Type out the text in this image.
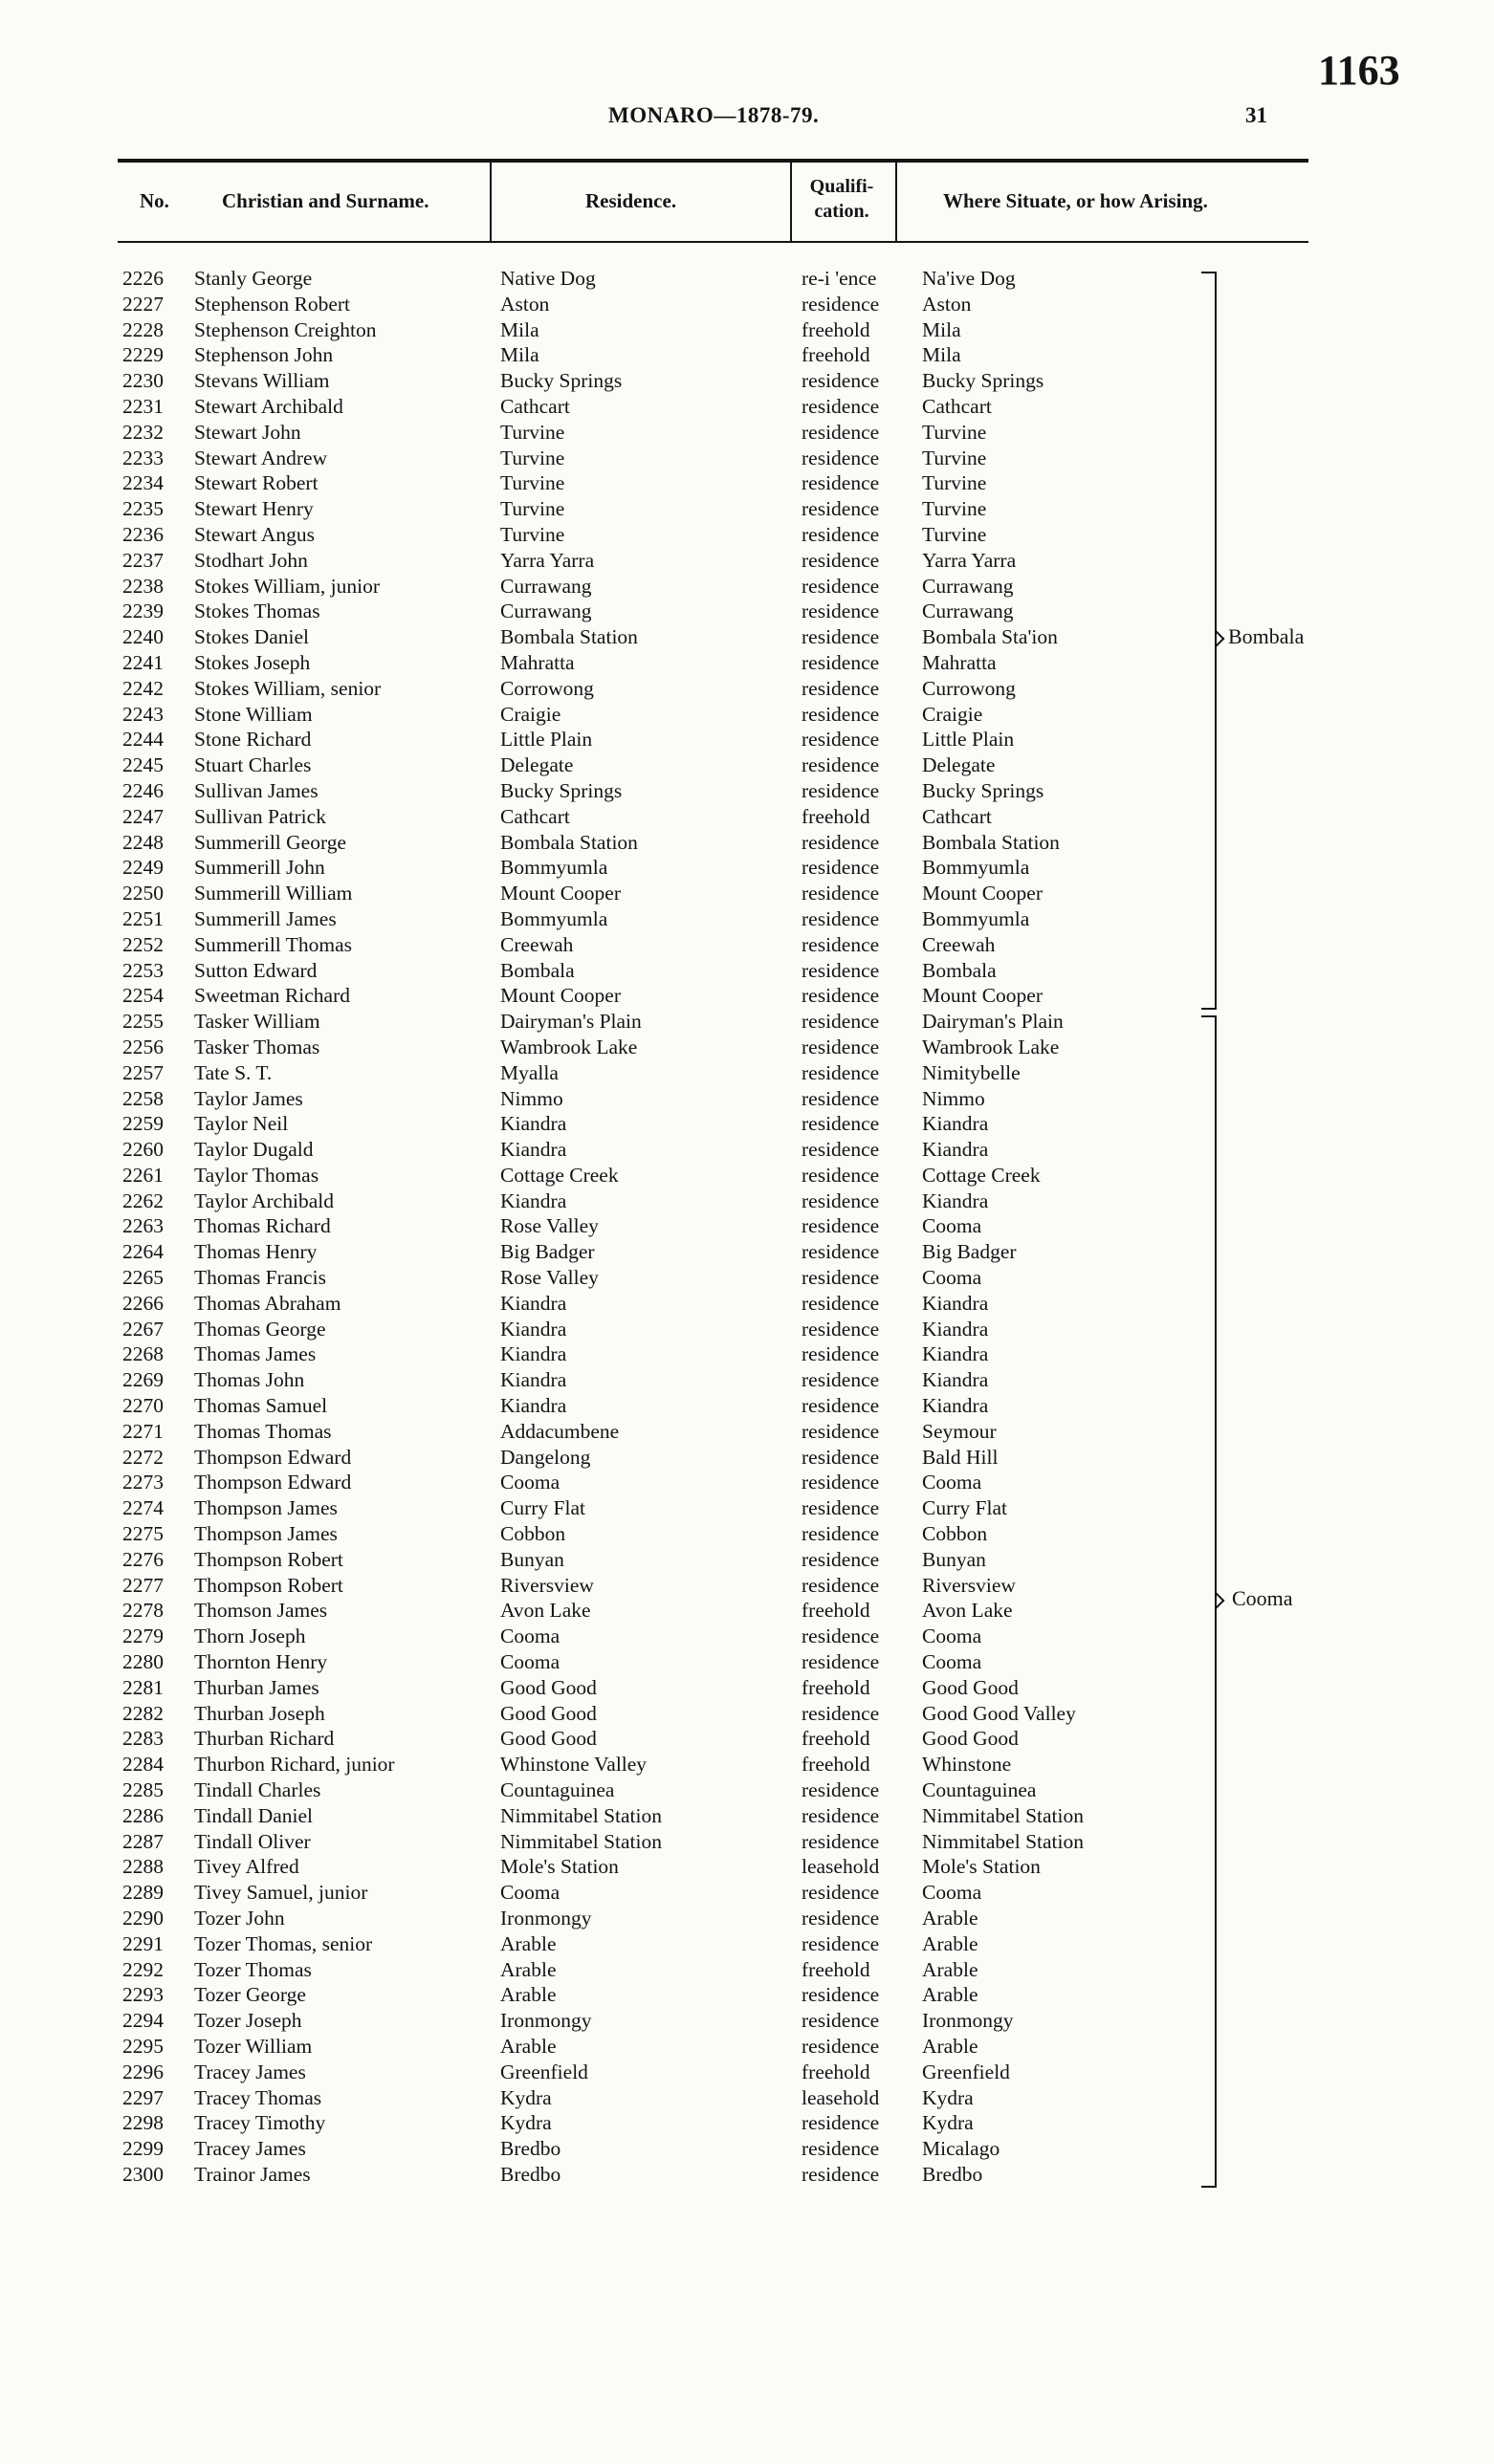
1163
MONARO—1878-79.	31
No.	Christian and Surname.	Residence.
Qualifi-
cation.	Where Situate, or how Arising.
2226 Stanly George	Native Dog	re-i 'ence Na'ive Dog
2227 Stephenson Robert	Aston	residence Aston
2228 Stephenson Creighton	Mila	freehold	Mila
2229 Stephenson John	Mila	freehold	Mila
2230 Stevans William	Bucky Springs	residence Bucky Springs
2231 Stewart Archibald	Cathcart	residence Cathcart
2232 Stewart John	Turvine	residence Turvine
2233 Stewart Andrew	Turvine	residence Turvine
2234 Stewart Robert	Turvine	residence Turvine
2235 Stewart Henry	Turvine	residence Turvine
2236 Stewart Angus	Turvine	residence Turvine
2237 Stodhart John	Yarra Yarra	residence Yarra Yarra
2238 Stokes William, junior	Currawang	residence Currawang
2239 Stokes Thomas	Currawang	residence Currawang
2240 Stokes Daniel	Bombala Station	residence Bombala Sta'ion
2241 Stokes Joseph	Mahratta	residence Mahratta
2242 Stokes William, senior	Corrowong	residence Currowong
2243 Stone William	Craigie	residence Craigie
2244 Stone Richard	Little Plain	residence Little Plain
2245 Stuart Charles	Delegate	residence Delegate
2246 Sullivan James	Bucky Springs	residence Bucky Springs
2247 Sullivan Patrick	Cathcart	freehold	Cathcart
2248 Summerill George	Bombala Station	residence Bombala Station
2249 Summerill John	Bommyumla	residence Bommyumla
2250 Summerill William	Mount Cooper	residence Mount Cooper
2251 Summerill James	Bommyumla	residence Bommyumla
2252 Summerill Thomas	Creewah	residence Creewah
2253 Sutton Edward	Bombala	residence Bombala
2254 Sweetman Richard	Mount Cooper	residence Mount Cooper
2255 Tasker William	Dairyman's Plain	residence Dairyman's Plain
2256 Tasker Thomas	Wambrook Lake	residence Wambrook Lake
2257 Tate S. T.	Myalla	residence Nimitybelle
2258 Taylor James	Nimmo	residence Nimmo
2259 Taylor Neil	Kiandra	residence Kiandra
2260 Taylor Dugald	Kiandra	residence Kiandra
2261 Taylor Thomas	Cottage Creek	residence Cottage Creek
2262 Taylor Archibald	Kiandra	residence Kiandra
2263 Thomas Richard	Rose Valley	residence Cooma
2264 Thomas Henry	Big Badger	residence Big Badger
2265 Thomas Francis	Rose Valley	residence Cooma
2266 Thomas Abraham	Kiandra	residence Kiandra
2267 Thomas George	Kiandra	residence Kiandra
2268 Thomas James	Kiandra	residence Kiandra
2269 Thomas John	Kiandra	residence Kiandra
2270 Thomas Samuel	Kiandra	residence Kiandra
2271 Thomas Thomas	Addacumbene	residence Seymour
2272 Thompson Edward	Dangelong	residence Bald Hill
2273 Thompson Edward	Cooma	residence Cooma
2274 Thompson James	Curry Flat	residence Curry Flat
2275 Thompson James	Cobbon	residence Cobbon
2276 Thompson Robert	Bunyan	residence Bunyan
2277 Thompson Robert	Riversview	residence Riversview
2278 Thomson James	Avon Lake	freehold	Avon Lake
2279 Thorn Joseph	Cooma	residence Cooma
2280 Thornton Henry	Cooma	residence Cooma
2281 Thurban James	Good Good	freehold	Good Good
2282 Thurban Joseph	Good Good	residence Good Good Valley
2283 Thurban Richard	Good Good	freehold	Good Good
2284 Thurbon Richard, junior	Whinstone Valley	freehold	Whinstone
2285 Tindall Charles	Countaguinea	residence Countaguinea
2286 Tindall Daniel	Nimmitabel Station	residence Nimmitabel Station
2287 Tindall Oliver	Nimmitabel Station	residence Nimmitabel Station
2288 Tivey Alfred	Mole's Station	leasehold Mole's Station
2289 Tivey Samuel, junior	Cooma	residence Cooma
2290 Tozer John	Ironmongy	residence Arable
2291 Tozer Thomas, senior	Arable	residence Arable
2292 Tozer Thomas	Arable	freehold	Arable
2293 Tozer George	Arable	residence Arable
2294 Tozer Joseph	Ironmongy	residence Ironmongy
2295 Tozer William	Arable	residence Arable
2296 Tracey James	Greenfield	freehold	Greenfield
2297 Tracey Thomas	Kydra	leasehold Kydra
2298 Tracey Timothy	Kydra	residence Kydra
2299 Tracey James	Bredbo	residence Micalago
2300 Trainor James	Bredbo	residence Bredbo
Bombala
Cooma
